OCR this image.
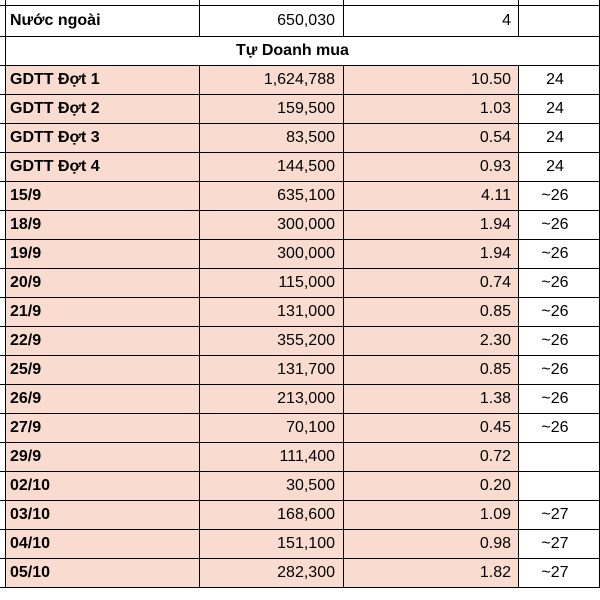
Nước ngoài	650,030	4
Tự Doanh mua
GDTT Đợt 1	1,624,788	10.50	24
GDTT Đợt 2	159,500	1.03	24
GDTT Đợt 3	83,500	0.54	24
GDTT Đợt 4	144,500	0.93	24
15/9	635,100	4.11	~26
18/9	300,000	1.94	~26
19/9	300,000	1.94	~26
20/9	115,000	0.74	~26
21/9	131,000	0.85	~26
22/9	355,200	2.30	~26
25/9	131,700	0.85	~26
26/9	213,000	1.38	~26
27/9	70,100	0.45	~26
29/9	111,400	0.72
02/10	30,500	0.20
03/10	168,600	1.09	~27
04/10	151,100	0.98	~27
05/10	282,300	1.82	~27
